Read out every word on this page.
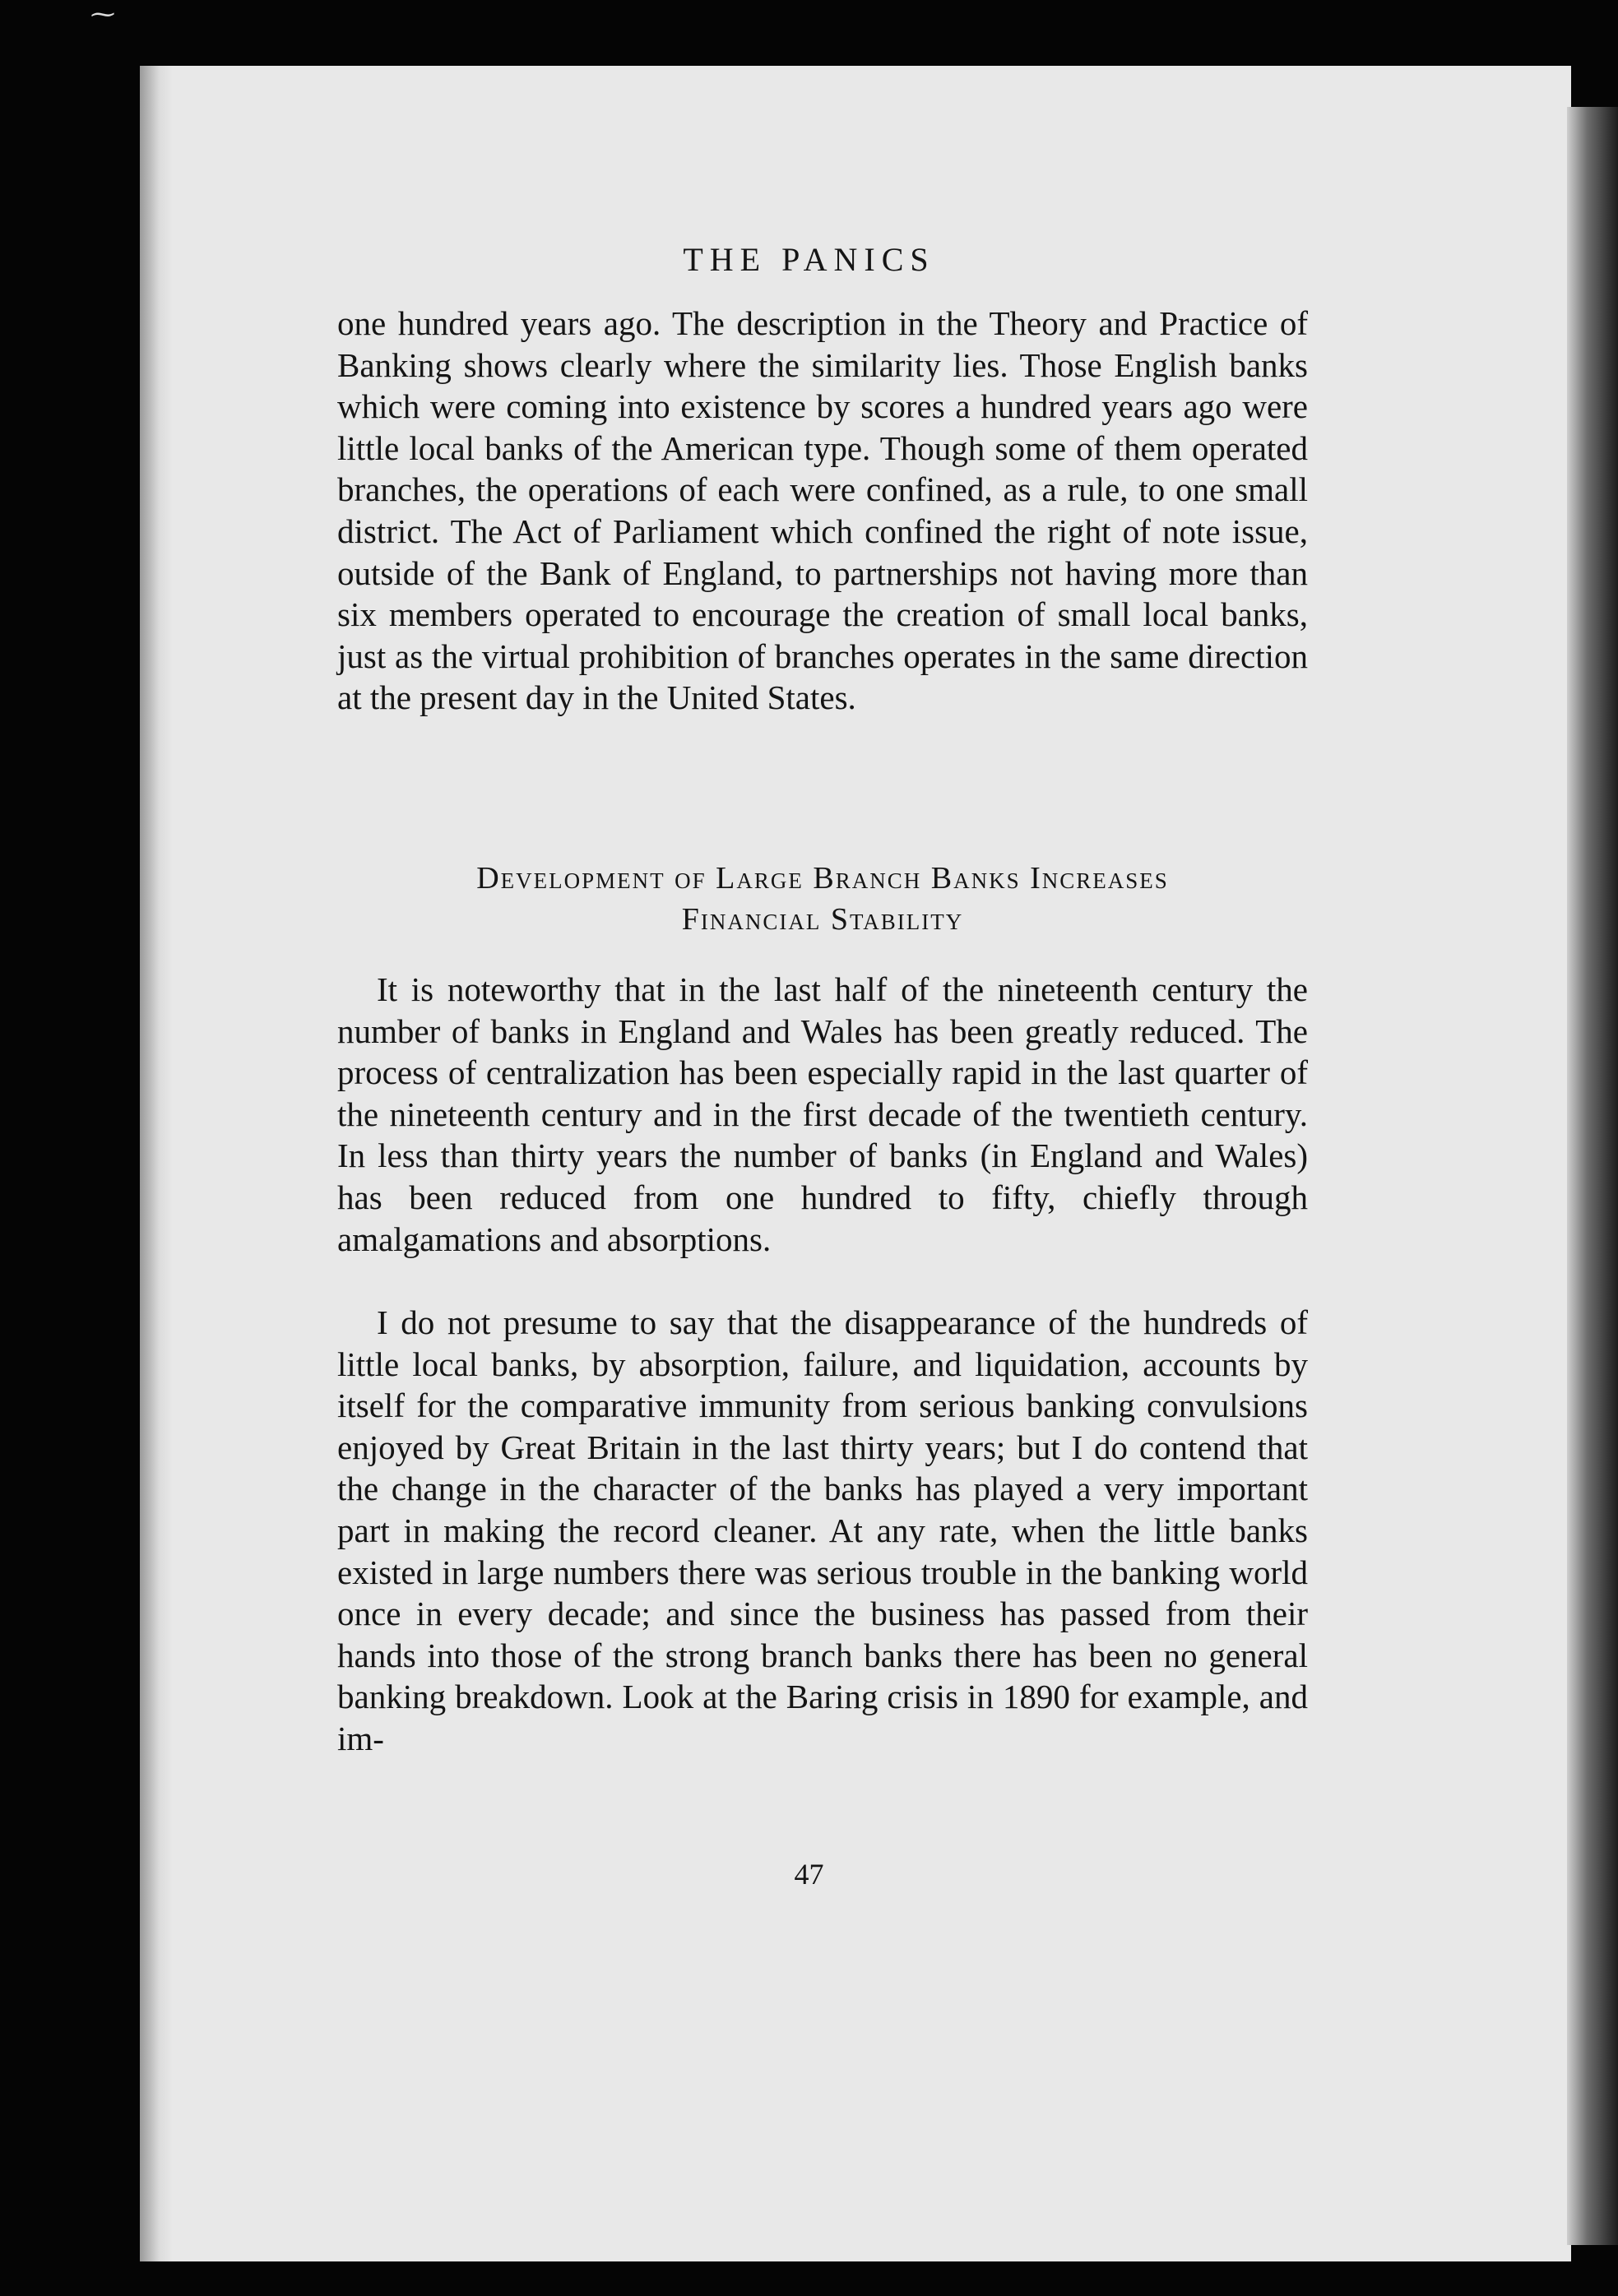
⁓
THE PANICS

one hundred years ago. The description in the Theory and Practice of Banking shows clearly where the similarity lies. Those English banks which were coming into existence by scores a hundred years ago were little local banks of the American type. Though some of them operated branches, the operations of each were confined, as a rule, to one small district. The Act of Parliament which confined the right of note issue, outside of the Bank of England, to partnerships not having more than six members operated to encourage the creation of small local banks, just as the virtual prohibition of branches operates in the same direction at the present day in the United States.

Development of Large Branch Banks Increases
Financial Stability

It is noteworthy that in the last half of the nineteenth century the number of banks in England and Wales has been greatly reduced. The process of centralization has been especially rapid in the last quarter of the nineteenth century and in the first decade of the twentieth century. In less than thirty years the number of banks (in England and Wales) has been reduced from one hundred to fifty, chiefly through amalgamations and absorptions.

I do not presume to say that the disappearance of the hundreds of little local banks, by absorption, failure, and liquidation, accounts by itself for the comparative immunity from serious banking convulsions enjoyed by Great Britain in the last thirty years; but I do contend that the change in the character of the banks has played a very important part in making the record cleaner. At any rate, when the little banks existed in large numbers there was serious trouble in the banking world once in every decade; and since the business has passed from their hands into those of the strong branch banks there has been no general banking breakdown. Look at the Baring crisis in 1890 for example, and im-

47
